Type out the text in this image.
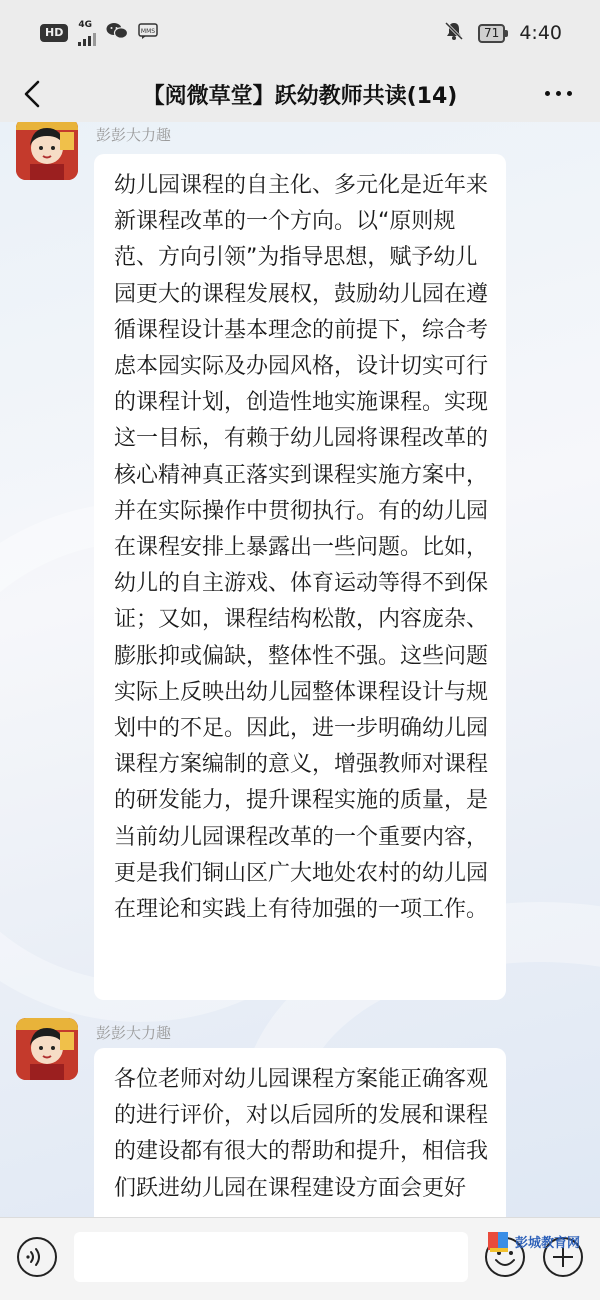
HD
4G
MMS	71	4:40
【阅微草堂】跃幼教师共读(14)
彭彭大力趣
幼儿园课程的自主化、多元化是近年来新课程改革的一个方向。以“原则规范、方向引领”为指导思想，赋予幼儿园更大的课程发展权，鼓励幼儿园在遵循课程设计基本理念的前提下，综合考虑本园实际及办园风格，设计切实可行的课程计划，创造性地实施课程。实现这一目标，有赖于幼儿园将课程改革的核心精神真正落实到课程实施方案中，并在实际操作中贯彻执行。有的幼儿园在课程安排上暴露出一些问题。比如，幼儿的自主游戏、体育运动等得不到保证；又如，课程结构松散，内容庞杂、膨胀抑或偏缺，整体性不强。这些问题实际上反映出幼儿园整体课程设计与规划中的不足。因此，进一步明确幼儿园课程方案编制的意义，增强教师对课程的研发能力，提升课程实施的质量，是当前幼儿园课程改革的一个重要内容，更是我们铜山区广大地处农村的幼儿园在理论和实践上有待加强的一项工作。
彭彭大力趣
各位老师对幼儿园课程方案能正确客观的进行评价，对以后园所的发展和课程的建设都有很大的帮助和提升，相信我们跃进幼儿园在课程建设方面会更好
彭城教育网
